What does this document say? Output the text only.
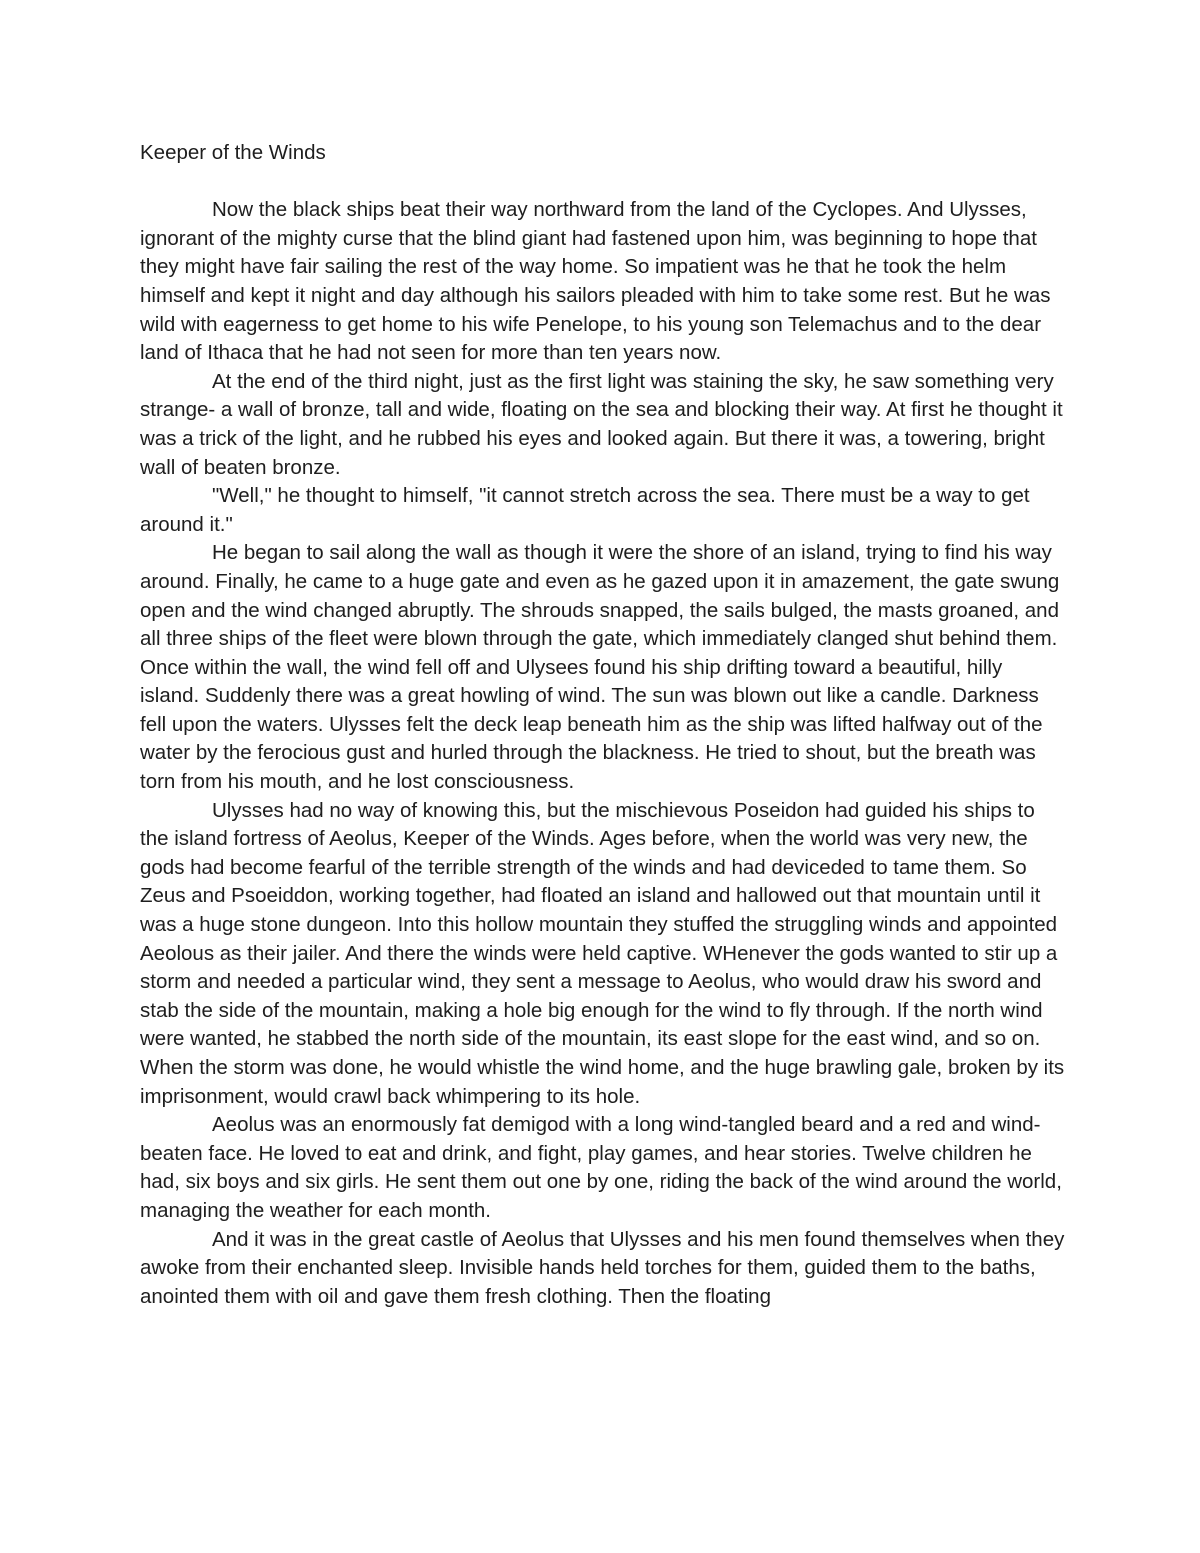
Keeper of the Winds

Now the black ships beat their way northward from the land of the Cyclopes. And Ulysses, ignorant of the mighty curse that the blind giant had fastened upon him, was beginning to hope that they might have fair sailing the rest of the way home. So impatient was he that he took the helm himself and kept it night and day although his sailors pleaded with him to take some rest. But he was wild with eagerness to get home to his wife Penelope, to his young son Telemachus and to the dear land of Ithaca that he had not seen for more than ten years now.

At the end of the third night, just as the first light was staining the sky, he saw something very strange- a wall of bronze, tall and wide, floating on the sea and blocking their way. At first he thought it was a trick of the light, and he rubbed his eyes and looked again. But there it was, a towering, bright wall of beaten bronze.

"Well," he thought to himself, "it cannot stretch across the sea. There must be a way to get around it."

He began to sail along the wall as though it were the shore of an island, trying to find his way around. Finally, he came to a huge gate and even as he gazed upon it in amazement, the gate swung open and the wind changed abruptly. The shrouds snapped, the sails bulged, the masts groaned, and all three ships of the fleet were blown through the gate, which immediately clanged shut behind them. Once within the wall, the wind fell off and Ulysees found his ship drifting toward a beautiful, hilly island. Suddenly there was a great howling of wind. The sun was blown out like a candle. Darkness fell upon the waters. Ulysses felt the deck leap beneath him as the ship was lifted halfway out of the water by the ferocious gust and hurled through the blackness. He tried to shout, but the breath was torn from his mouth, and he lost consciousness.

Ulysses had no way of knowing this, but the mischievous Poseidon had guided his ships to the island fortress of Aeolus, Keeper of the Winds. Ages before, when the world was very new, the gods had become fearful of the terrible strength of the winds and had deviceded to tame them. So Zeus and Psoeiddon, working together, had floated an island and hallowed out that mountain until it was a huge stone dungeon. Into this hollow mountain they stuffed the struggling winds and appointed Aeolous as their jailer. And there the winds were held captive. WHenever the gods wanted to stir up a storm and needed a particular wind, they sent a message to Aeolus, who would draw his sword and stab the side of the mountain, making a hole big enough for the wind to fly through. If the north wind were wanted, he stabbed the north side of the mountain, its east slope for the east wind, and so on. When the storm was done, he would whistle the wind home, and the huge brawling gale, broken by its imprisonment, would crawl back whimpering to its hole.

Aeolus was an enormously fat demigod with a long wind-tangled beard and a red and wind-beaten face. He loved to eat and drink, and fight, play games, and hear stories. Twelve children he had, six boys and six girls. He sent them out one by one, riding the back of the wind around the world, managing the weather for each month.

And it was in the great castle of Aeolus that Ulysses and his men found themselves when they awoke from their enchanted sleep. Invisible hands held torches for them, guided them to the baths, anointed them with oil and gave them fresh clothing. Then the floating
